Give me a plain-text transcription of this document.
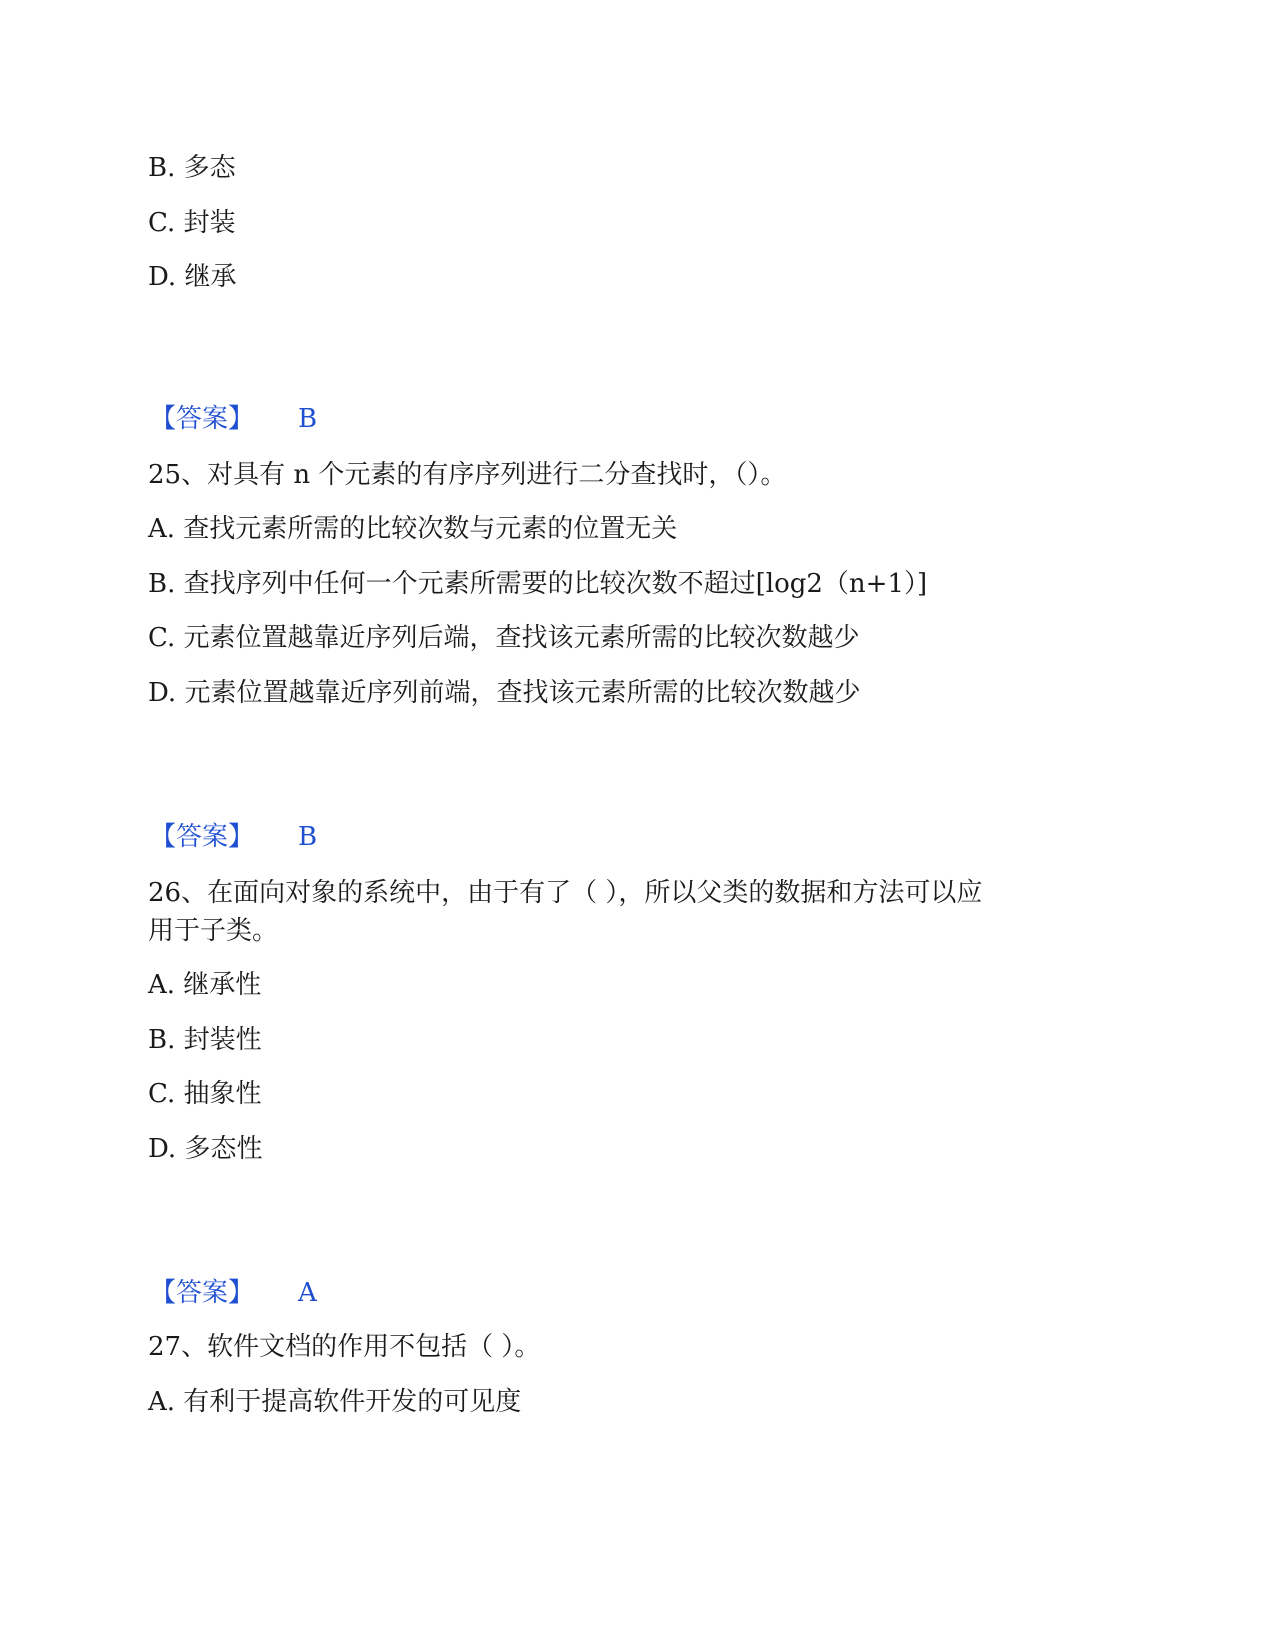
B. 多态
C. 封装
D. 继承
【答案】 B
25、对具有 n 个元素的有序序列进行二分查找时，（）。
A. 查找元素所需的比较次数与元素的位置无关
B. 查找序列中任何一个元素所需要的比较次数不超过[log2（n+1）]
C. 元素位置越靠近序列后端，查找该元素所需的比较次数越少
D. 元素位置越靠近序列前端，查找该元素所需的比较次数越少
【答案】 B
26、在面向对象的系统中，由于有了（ ），所以父类的数据和方法可以应
用于子类。
A. 继承性
B. 封装性
C. 抽象性
D. 多态性
【答案】 A
27、软件文档的作用不包括（ ）。
A. 有利于提高软件开发的可见度
